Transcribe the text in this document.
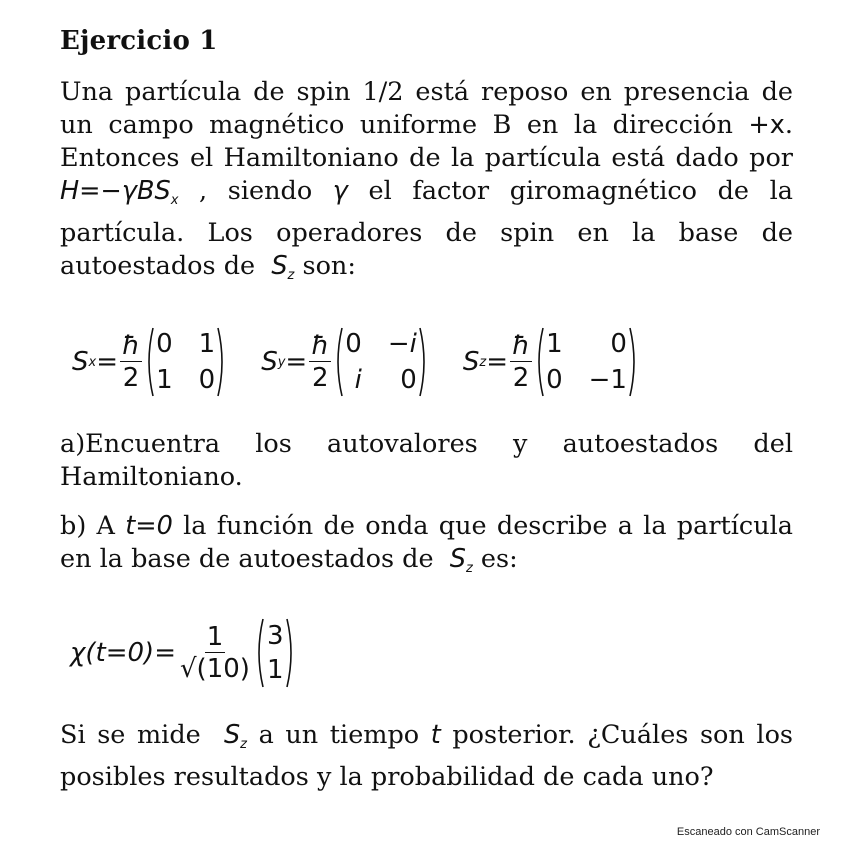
Ejercicio 1

Una partícula de spin 1/2 está reposo en presencia de un campo magnético uniforme B en la dirección +x. Entonces el Hamiltoniano de la partícula está dado por H=−γBS$_x$ , siendo γ el factor giromagnético de la partícula. Los operadores de spin en la base de autoestados de  $S_z$ son:

S $x = \frac{ħ}{2} 0$ 1
1 0
S $y = \frac{ħ}{2} 0 -i$
i	0
S $z = \frac{ħ}{2} 1$	0
0 −1

a)Encuentra los autovalores y autoestados del Hamiltoniano.

b) A t=0 la función de onda que describe a la partícula en la base de autoestados de  $S_z$ es:

$\chi(t=0)= \frac{1}{√(10)} 3$
1

Si se mide  $S_z$ a un tiempo t posterior. ¿Cuáles son los posibles resultados y la probabilidad de cada uno?

Escaneado con CamScanner
